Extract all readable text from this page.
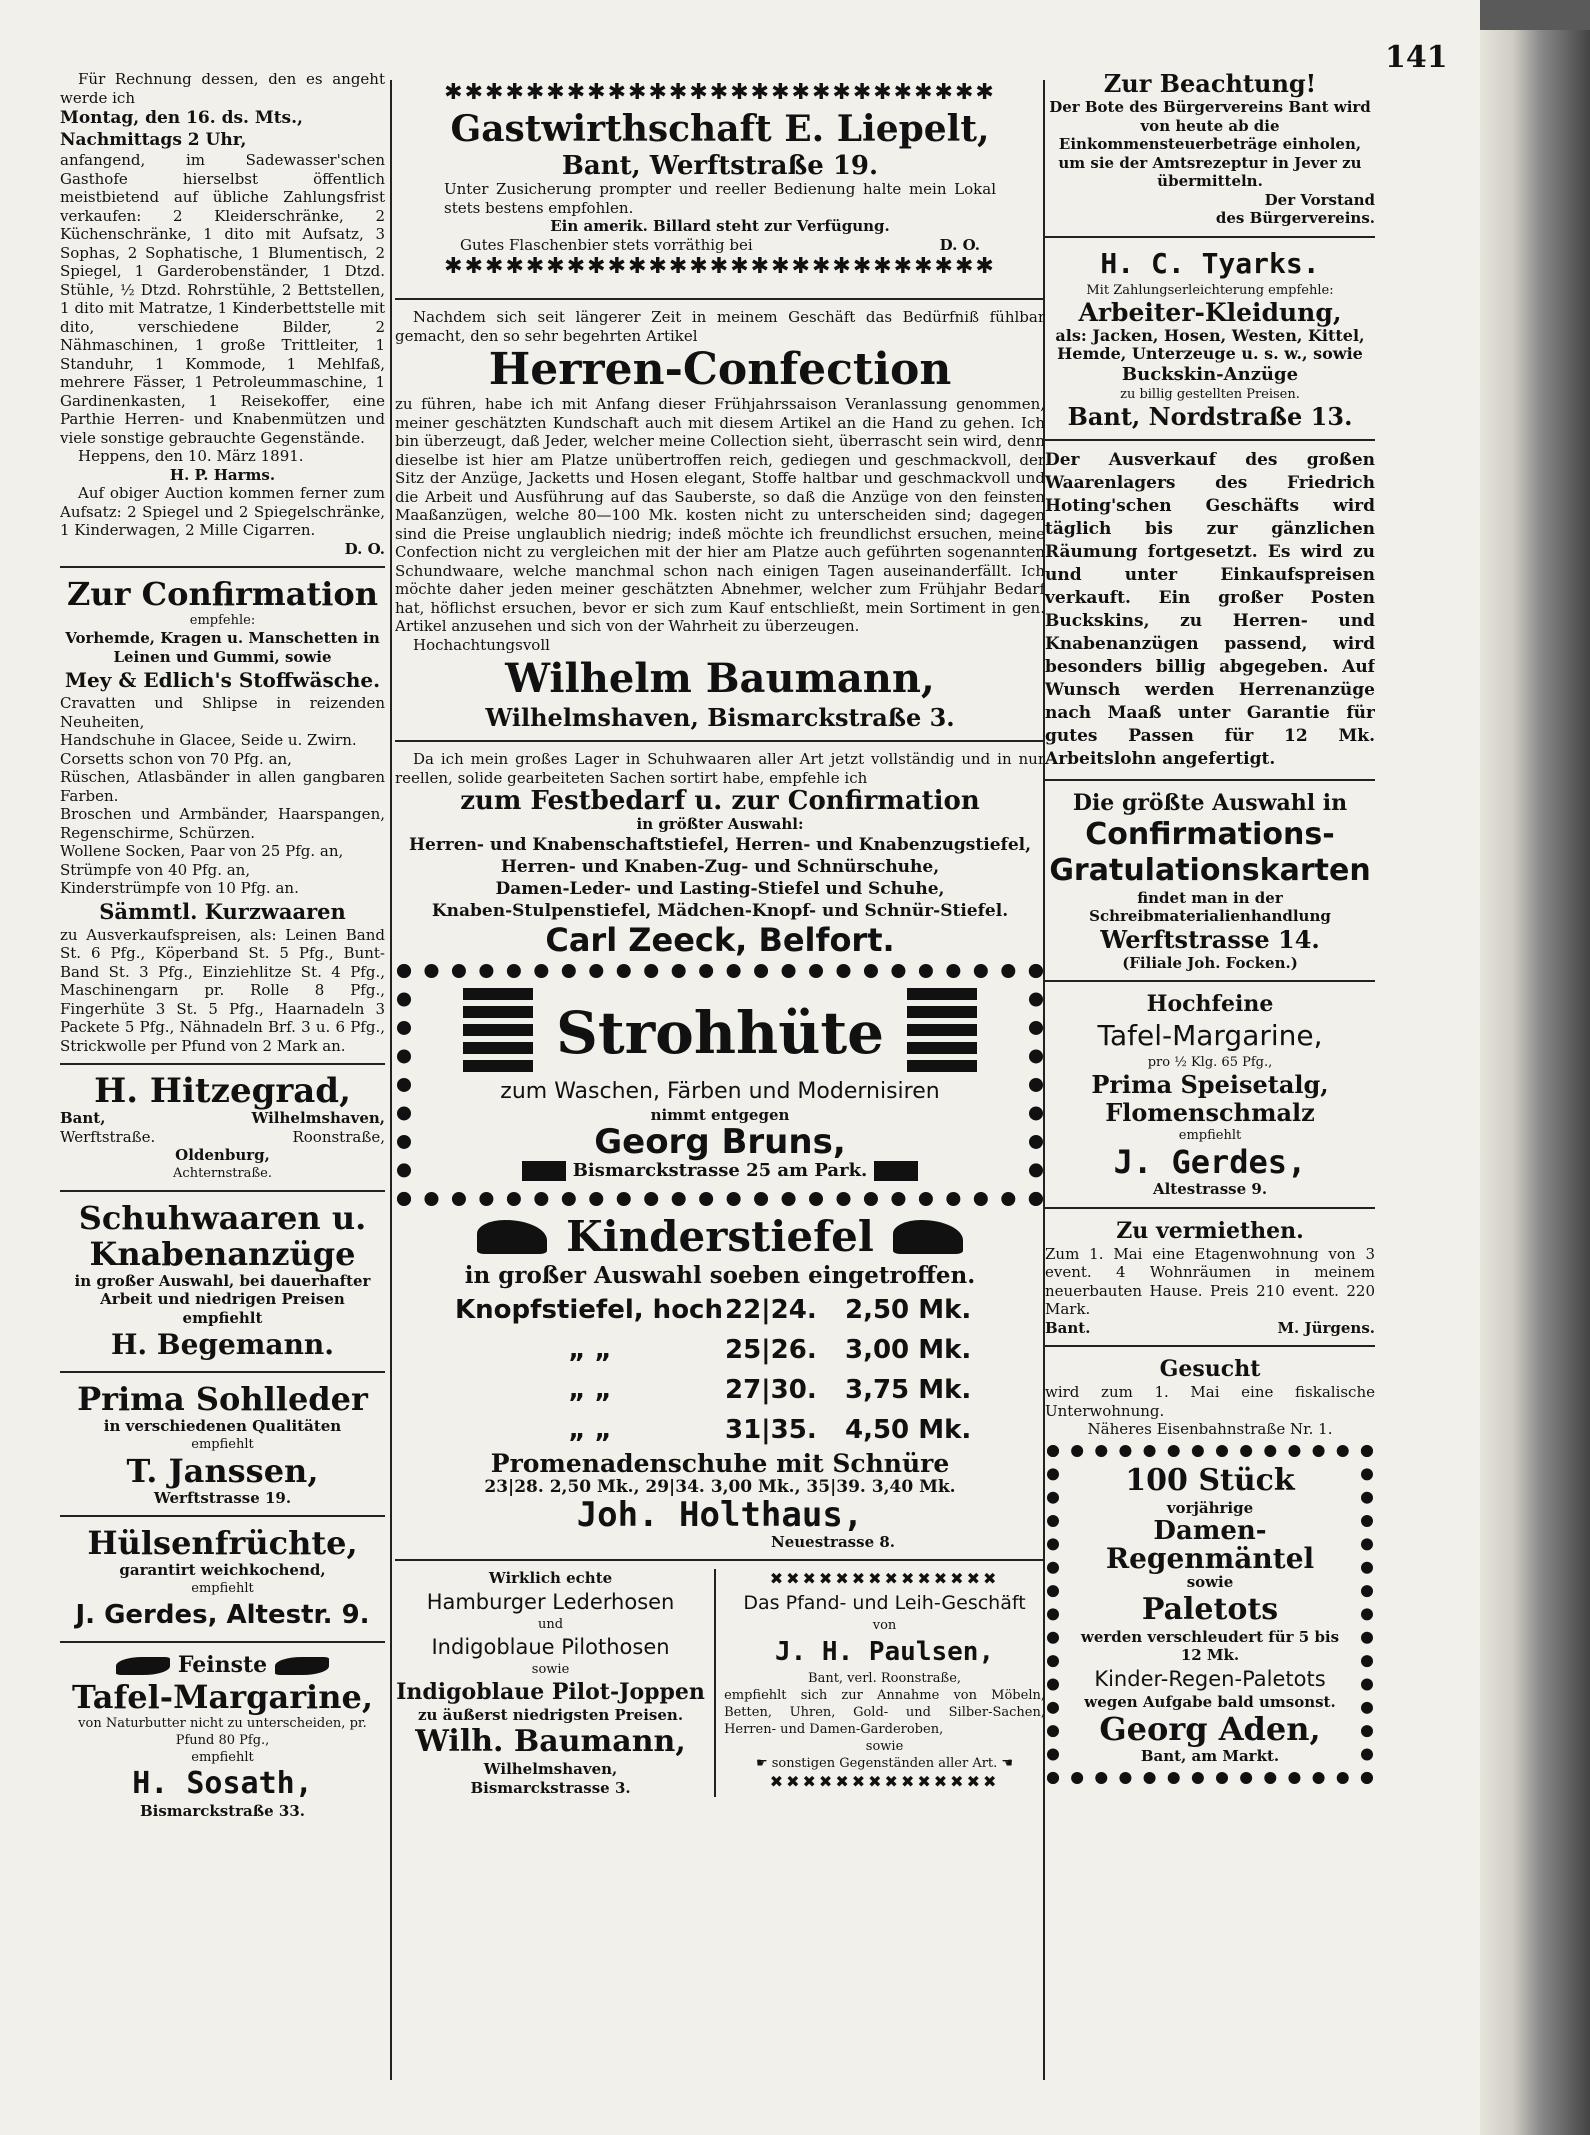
141

Für Rechnung dessen, den es angeht werde ich

Montag, den 16. ds. Mts., Nachmittags 2 Uhr,

anfangend, im Sadewasser'schen Gasthofe hierselbst öffentlich meistbietend auf übliche Zahlungsfrist verkaufen: 2 Kleiderschränke, 2 Küchenschränke, 1 dito mit Aufsatz, 3 Sophas, 2 Sophatische, 1 Blumentisch, 2 Spiegel, 1 Garderobenständer, 1 Dtzd. Stühle, ½ Dtzd. Rohrstühle, 2 Bettstellen, 1 dito mit Matratze, 1 Kinderbettstelle mit dito, verschiedene Bilder, 2 Nähmaschinen, 1 große Trittleiter, 1 Standuhr, 1 Kommode, 1 Mehlfaß, mehrere Fässer, 1 Petroleummaschine, 1 Gardinenkasten, 1 Reisekoffer, eine Parthie Herren- und Knabenmützen und viele sonstige gebrauchte Gegenstände.

Heppens, den 10. März 1891.

H. P. Harms.

Auf obiger Auction kommen ferner zum Aufsatz: 2 Spiegel und 2 Spiegelschränke, 1 Kinderwagen, 2 Mille Cigarren.

D. O.

Zur Confirmation

empfehle:

Vorhemde, Kragen u. Manschetten in Leinen und Gummi, sowie

Mey & Edlich's Stoffwäsche.

Cravatten und Shlipse in reizenden Neuheiten,

Handschuhe in Glacee, Seide u. Zwirn.

Corsetts schon von 70 Pfg. an,

Rüschen, Atlasbänder in allen gangbaren Farben.

Broschen und Armbänder, Haarspangen, Regenschirme, Schürzen.

Wollene Socken, Paar von 25 Pfg. an,

Strümpfe von 40 Pfg. an,

Kinderstrümpfe von 10 Pfg. an.

Sämmtl. Kurzwaaren

zu Ausverkaufspreisen, als: Leinen Band St. 6 Pfg., Köperband St. 5 Pfg., Bunt-Band St. 3 Pfg., Einziehlitze St. 4 Pfg., Maschinengarn pr. Rolle 8 Pfg., Fingerhüte 3 St. 5 Pfg., Haarnadeln 3 Packete 5 Pfg., Nähnadeln Brf. 3 u. 6 Pfg., Strickwolle per Pfund von 2 Mark an.

H. Hitzegrad,

Bant,	Wilhelmshaven,
Werftstraße.	Roonstraße,

Oldenburg,

Achternstraße.

Schuhwaaren u.

Knabenanzüge

in großer Auswahl, bei dauerhafter Arbeit und niedrigen Preisen empfiehlt

H. Begemann.

Prima Sohlleder

in verschiedenen Qualitäten

empfiehlt

T. Janssen,

Werftstrasse 19.

Hülsenfrüchte,

garantirt weichkochend,

empfiehlt

J. Gerdes, Altestr. 9.

Feinste

Tafel-Margarine,

von Naturbutter nicht zu unterscheiden, pr. Pfund 80 Pfg.,

empfiehlt

H. Sosath,

Bismarckstraße 33.

✱✱✱✱✱✱✱✱✱✱✱✱✱✱✱✱✱✱✱✱✱✱✱✱✱✱✱

Gastwirthschaft E. Liepelt,

Bant, Werftstraße 19.

Unter Zusicherung prompter und reeller Bedienung halte mein Lokal stets bestens empfohlen.

Ein amerik. Billard steht zur Verfügung.

Gutes Flaschenbier stets vorräthig bei	D. O.
✱✱✱✱✱✱✱✱✱✱✱✱✱✱✱✱✱✱✱✱✱✱✱✱✱✱✱

Nachdem sich seit längerer Zeit in meinem Geschäft das Bedürfniß fühlbar gemacht, den so sehr begehrten Artikel

Herren-Confection

zu führen, habe ich mit Anfang dieser Frühjahrssaison Veranlassung genommen, meiner geschätzten Kundschaft auch mit diesem Artikel an die Hand zu gehen. Ich bin überzeugt, daß Jeder, welcher meine Collection sieht, überrascht sein wird, denn dieselbe ist hier am Platze unübertroffen reich, gediegen und geschmackvoll, der Sitz der Anzüge, Jacketts und Hosen elegant, Stoffe haltbar und geschmackvoll und die Arbeit und Ausführung auf das Sauberste, so daß die Anzüge von den feinsten Maaßanzügen, welche 80—100 Mk. kosten nicht zu unterscheiden sind; dagegen sind die Preise unglaublich niedrig; indeß möchte ich freundlichst ersuchen, meine Confection nicht zu vergleichen mit der hier am Platze auch geführten sogenannten Schundwaare, welche manchmal schon nach einigen Tagen auseinanderfällt. Ich möchte daher jeden meiner geschätzten Abnehmer, welcher zum Frühjahr Bedarf hat, höflichst ersuchen, bevor er sich zum Kauf entschließt, mein Sortiment in gen. Artikel anzusehen und sich von der Wahrheit zu überzeugen.

Hochachtungsvoll

Wilhelm Baumann,

Wilhelmshaven, Bismarckstraße 3.

Da ich mein großes Lager in Schuhwaaren aller Art jetzt vollständig und in nur reellen, solide gearbeiteten Sachen sortirt habe, empfehle ich

zum Festbedarf u. zur Confirmation

in größter Auswahl:

Herren- und Knabenschaftstiefel, Herren- und Knabenzugstiefel,

Herren- und Knaben-Zug- und Schnürschuhe,

Damen-Leder- und Lasting-Stiefel und Schuhe,

Knaben-Stulpenstiefel, Mädchen-Knopf- und Schnür-Stiefel.

Carl Zeeck, Belfort.

Strohhüte

zum Waschen, Färben und Modernisiren

nimmt entgegen

Georg Bruns,

Bismarckstrasse 25 am Park.

Kinderstiefel

in großer Auswahl soeben eingetroffen.

Knopfstiefel, hoch22|24. 2,50 Mk.
„ „	25|26. 3,00 Mk.
„ „	27|30. 3,75 Mk.
„ „	31|35. 4,50 Mk.

Promenadenschuhe mit Schnüre

23|28. 2,50 Mk., 29|34. 3,00 Mk., 35|39. 3,40 Mk.

Joh. Holthaus,

Neuestrasse 8.

Wirklich echte

Hamburger Lederhosen

und

Indigoblaue Pilothosen

sowie

Indigoblaue Pilot-Joppen

zu äußerst niedrigsten Preisen.

Wilh. Baumann,

Wilhelmshaven,

Bismarckstrasse 3.

✖✖✖✖✖✖✖✖✖✖✖✖✖✖

Das Pfand- und Leih-Geschäft

von

J. H. Paulsen,

Bant, verl. Roonstraße,

empfiehlt sich zur Annahme von Möbeln, Betten, Uhren, Gold- und Silber-Sachen, Herren- und Damen-Garderoben,

sowie

☛ sonstigen Gegenständen aller Art. ☚

✖✖✖✖✖✖✖✖✖✖✖✖✖✖

Zur Beachtung!

Der Bote des Bürgervereins Bant wird von heute ab die Einkommensteuerbeträge einholen, um sie der Amtsrezeptur in Jever zu übermitteln.

Der Vorstand

des Bürgervereins.

H. C. Tyarks.

Mit Zahlungserleichterung empfehle:

Arbeiter-Kleidung,

als: Jacken, Hosen, Westen, Kittel, Hemde, Unterzeuge u. s. w., sowie

Buckskin-Anzüge

zu billig gestellten Preisen.

Bant, Nordstraße 13.

Der Ausverkauf des großen Waarenlagers des Friedrich Hoting'schen Geschäfts wird täglich bis zur gänzlichen Räumung fortgesetzt. Es wird zu und unter Einkaufspreisen verkauft. Ein großer Posten Buckskins, zu Herren- und Knabenanzügen passend, wird besonders billig abgegeben. Auf Wunsch werden Herrenanzüge nach Maaß unter Garantie für gutes Passen für 12 Mk. Arbeitslohn angefertigt.

Die größte Auswahl in

Confirmations-

Gratulationskarten

findet man in der Schreibmaterialienhandlung

Werftstrasse 14.

(Filiale Joh. Focken.)

Hochfeine

Tafel-Margarine,

pro ½ Klg. 65 Pfg.,

Prima Speisetalg,

Flomenschmalz

empfiehlt

J. Gerdes,

Altestrasse 9.

Zu vermiethen.

Zum 1. Mai eine Etagenwohnung von 3 event. 4 Wohnräumen in meinem neuerbauten Hause. Preis 210 event. 220 Mark.

Bant.	M. Jürgens.

Gesucht

wird zum 1. Mai eine fiskalische Unterwohnung.

Näheres Eisenbahnstraße Nr. 1.

100 Stück

vorjährige

Damen-

Regenmäntel

sowie

Paletots

werden verschleudert für 5 bis 12 Mk.

Kinder-Regen-Paletots

wegen Aufgabe bald umsonst.

Georg Aden,

Bant, am Markt.
